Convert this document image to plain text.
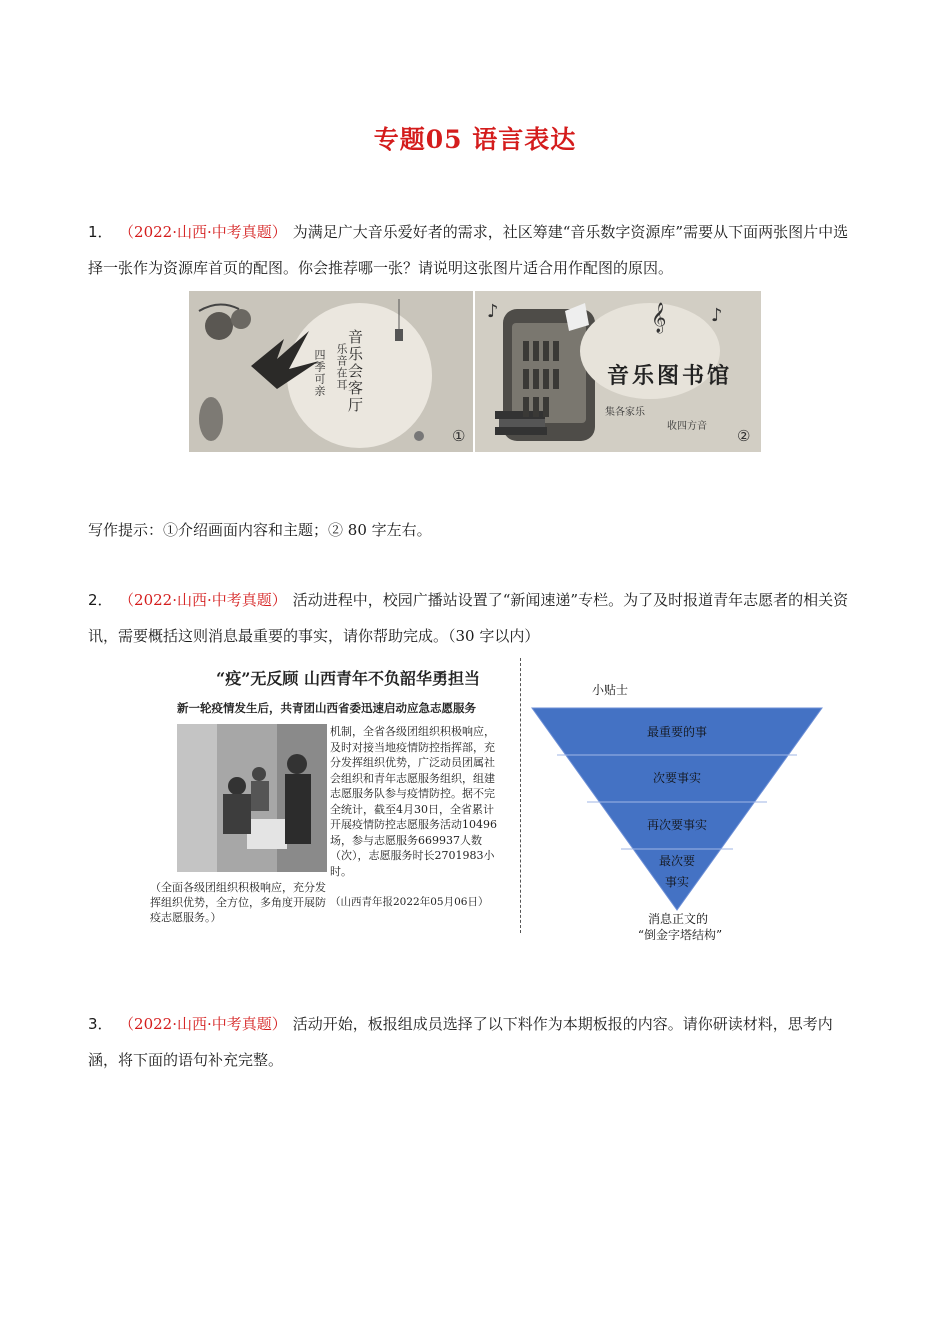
专题05 语言表达
1． （2022·山西·中考真题） 为满足广大音乐爱好者的需求，社区筹建“音乐数字资源库”需要从下面两张图片中选择一张作为资源库首页的配图。你会推荐哪一张？请说明这张图片适合用作配图的原因。
音乐会客厅
乐音在耳
四季可亲
①
♪	𝄞 ♪
音乐图书馆
集各家乐
收四方音
②
写作提示：①介绍画面内容和主题；② 80 字左右。
2． （2022·山西·中考真题） 活动进程中，校园广播站设置了“新闻速递”专栏。为了及时报道青年志愿者的相关资讯，需要概括这则消息最重要的事实，请你帮助完成。（30 字以内）
“疫”无反顾 山西青年不负韶华勇担当
新一轮疫情发生后，共青团山西省委迅速启动应急志愿服务
机制，全省各级团组织积极响应，及时对接当地疫情防控指挥部，充分发挥组织优势，广泛动员团属社会组织和青年志愿服务组织，组建志愿服务队参与疫情防控。据不完全统计，截至4月30日，全省累计开展疫情防控志愿服务活动10496场，参与志愿服务669937人数（次），志愿服务时长2701983小时。
（全面各级团组织积极响应，充分发挥组织优势，全方位，多角度开展防疫志愿服务。）
（山西青年报2022年05月06日）
小贴士
最重要的事
次要事实
再次要事实
最次要
事实
消息正文的
“倒金字塔结构”
3． （2022·山西·中考真题） 活动开始，板报组成员选择了以下料作为本期板报的内容。请你研读材料，思考内涵，将下面的语句补充完整。
